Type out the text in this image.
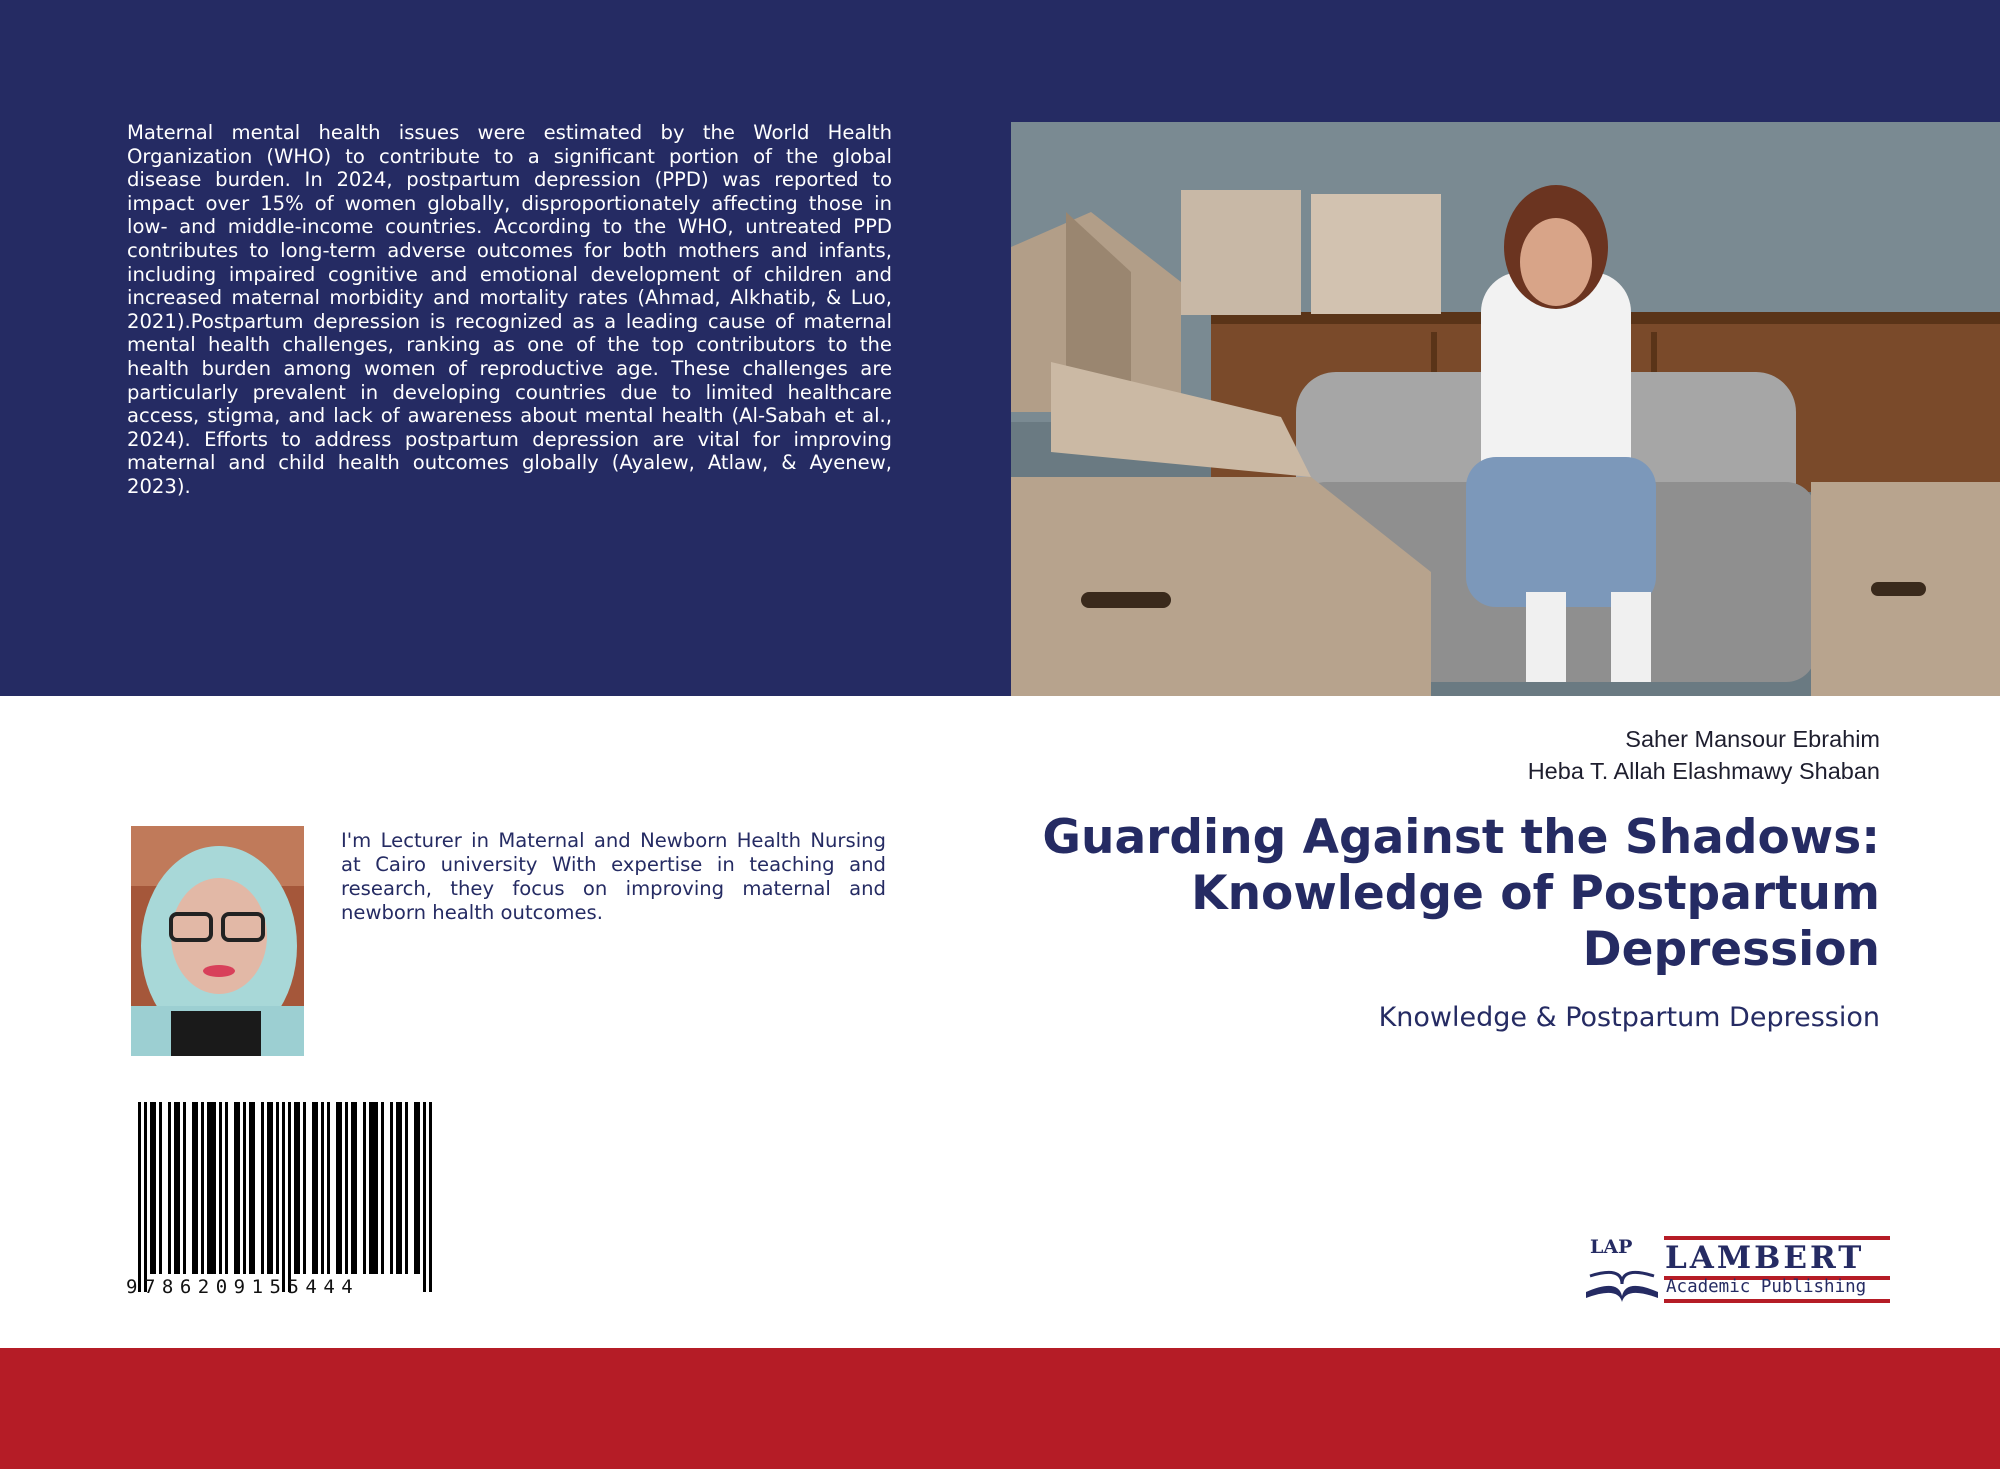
Maternal mental health issues were estimated by the World Health Organization (WHO) to contribute to a significant portion of the global disease burden. In 2024, postpartum depression (PPD) was reported to impact over 15% of women globally, disproportionately affecting those in low- and middle-income countries. According to the WHO, untreated PPD contributes to long-term adverse outcomes for both mothers and infants, including impaired cognitive and emotional development of children and increased maternal morbidity and mortality rates (Ahmad, Alkhatib, & Luo, 2021).Postpartum depression is recognized as a leading cause of maternal mental health challenges, ranking as one of the top contributors to the health burden among women of reproductive age. These challenges are particularly prevalent in developing countries due to limited healthcare access, stigma, and lack of awareness about mental health (Al-Sabah et al., 2024). Efforts to address postpartum depression are vital for improving maternal and child health outcomes globally (Ayalew, Atlaw, & Ayenew, 2023).

Saher Mansour Ebrahim
Heba T. Allah Elashmawy Shaban
Guarding Against the Shadows: Knowledge of Postpartum Depression
Knowledge & Postpartum Depression

I'm Lecturer in Maternal and Newborn Health Nursing at Cairo university With expertise in teaching and research, they focus on improving maternal and newborn health outcomes.

9786209155444
LAP LAMBERT
Academic Publishing
